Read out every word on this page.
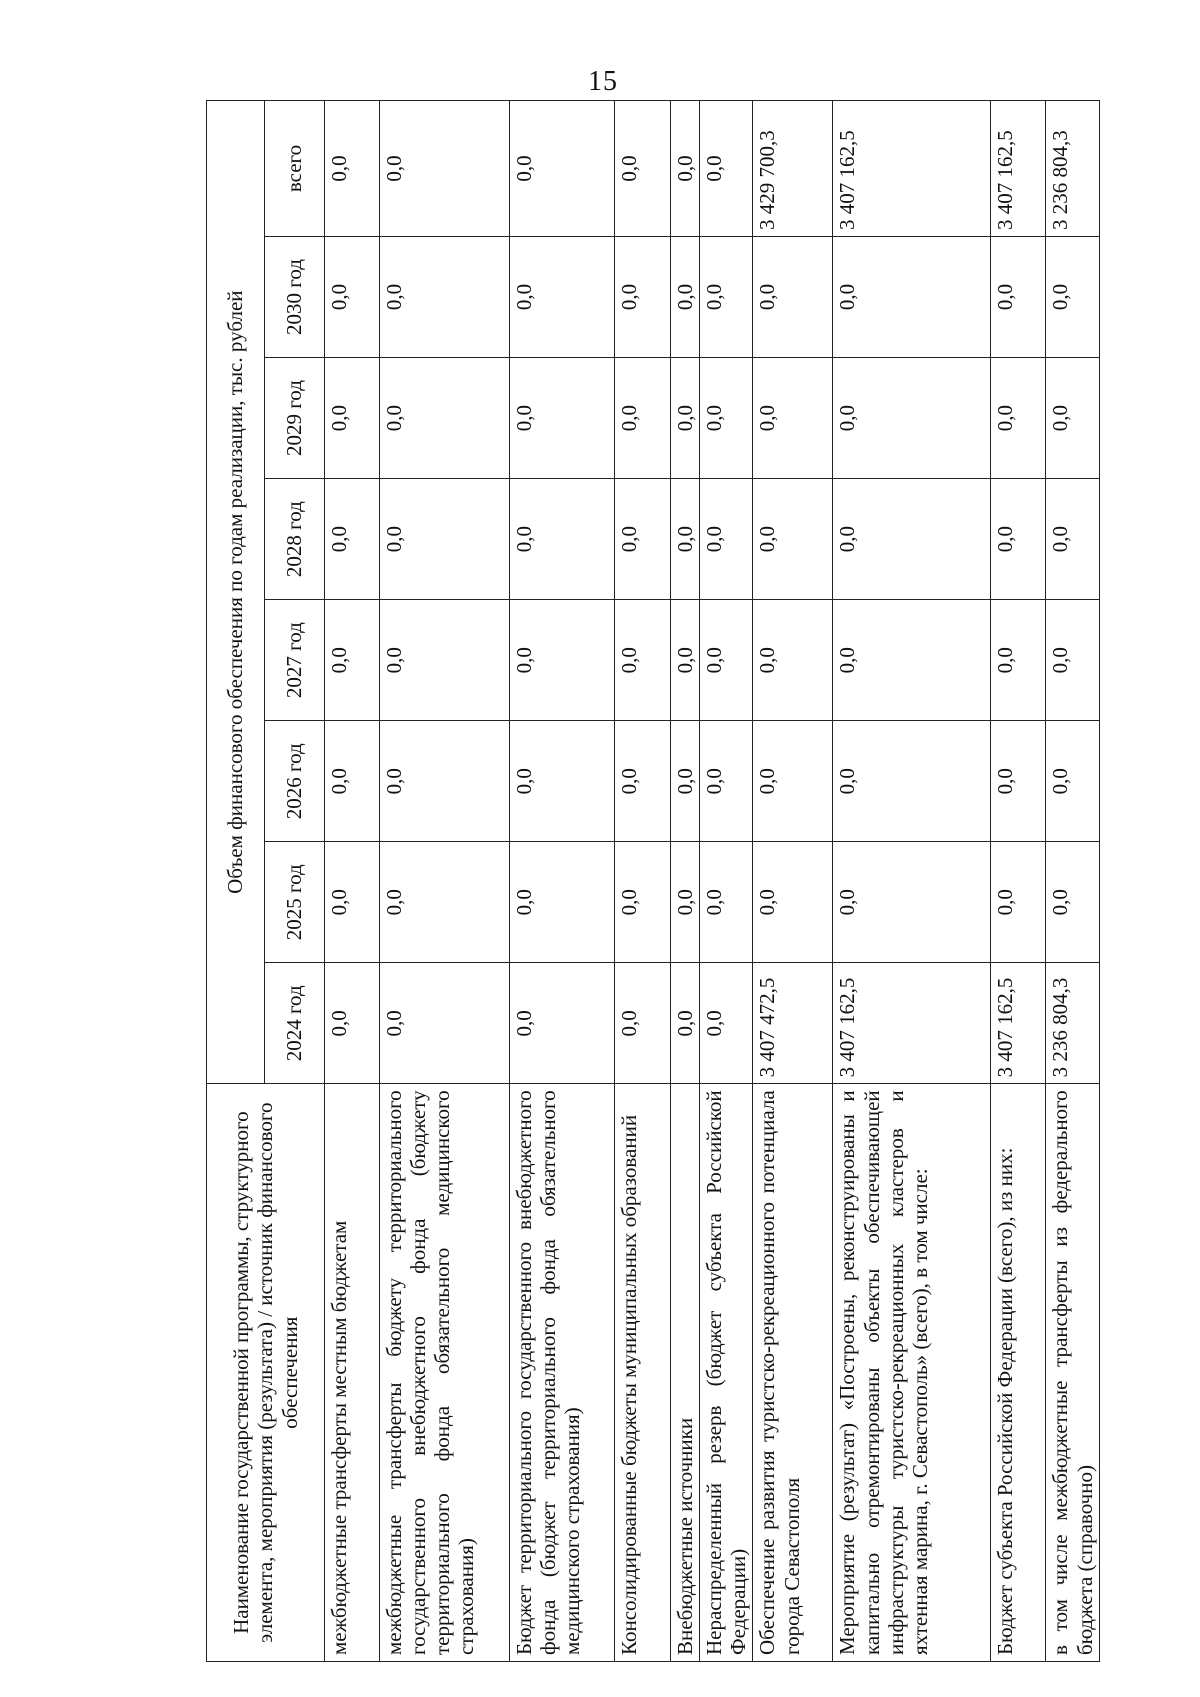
15
Наименование государственной программы, структурного элемента, мероприятия (результата) / источник финансового обеспечения	Объем финансового обеспечения по годам реализации, тыс. рублей							
	2024 год	2025 год	2026 год	2027 год	2028 год	2029 год	2030 год	всего
межбюджетные трансферты местным бюджетам	0,0	0,0	0,0	0,0	0,0	0,0	0,0	0,0
межбюджетные трансферты бюджету территориального государственного внебюджетного фонда (бюджету территориального фонда обязательного медицинского страхования)	0,0	0,0	0,0	0,0	0,0	0,0	0,0	0,0
Бюджет территориального государственного внебюджетного фонда (бюджет территориального фонда обязательного медицинского страхования)	0,0	0,0	0,0	0,0	0,0	0,0	0,0	0,0
Консолидированные бюджеты муниципальных образований	0,0	0,0	0,0	0,0	0,0	0,0	0,0	0,0
Внебюджетные источники	0,0	0,0	0,0	0,0	0,0	0,0	0,0	0,0
Нераспределенный резерв (бюджет субъекта Российской Федерации)	0,0	0,0	0,0	0,0	0,0	0,0	0,0	0,0
Обеспечение развития туристско-рекреационного потенциала города Севастополя	3 407 472,5	0,0	0,0	0,0	0,0	0,0	0,0	3 429 700,3
Мероприятие (результат) «Построены, реконструированы и капитально отремонтированы объекты обеспечивающей инфраструктуры туристско-рекреационных кластеров и яхтенная марина, г. Севастополь» (всего), в том числе:	3 407 162,5	0,0	0,0	0,0	0,0	0,0	0,0	3 407 162,5
Бюджет субъекта Российской Федерации (всего), из них:	3 407 162,5	0,0	0,0	0,0	0,0	0,0	0,0	3 407 162,5
в том числе межбюджетные трансферты из федерального бюджета (справочно)	3 236 804,3	0,0	0,0	0,0	0,0	0,0	0,0	3 236 804,3
